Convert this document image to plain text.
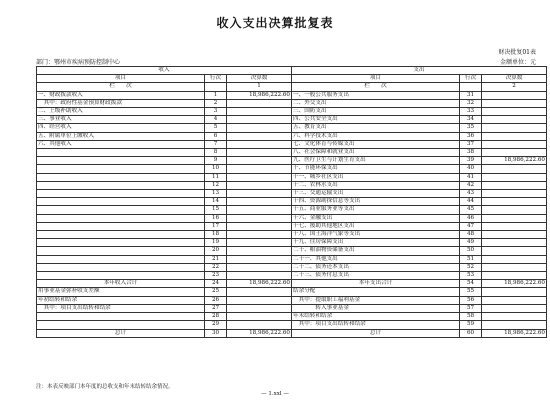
收入支出决算批复表
财决批复01表
部门：鄂州市疾病预防控制中心	金额单位：元
收入			支出		
项目	行次	决算数	项目	行次	决算数
栏　　次		1	栏　　次		2
一、财政拨款收入	1	18,986,222.60	一、一般公共服务支出	31	
　其中：政府性基金预算财政拨款	2		二、外交支出	32	
二、上级补助收入	3		三、国防支出	33	
三、事业收入	4		四、公共安全支出	34	
四、经营收入	5		五、教育支出	35	
五、附属单位上缴收入	6		六、科学技术支出	36	
六、其他收入	7		七、文化体育与传媒支出	37	
	8		八、社会保障和就业支出	38	
	9		九、医疗卫生与计划生育支出	39	18,986,222.60
	10		十、节能环保支出	40	
	11		十一、城乡社区支出	41	
	12		十二、农林水支出	42	
	13		十三、交通运输支出	43	
	14		十四、资源勘探信息等支出	44	
	15		十五、商业服务业等支出	45	
	16		十六、金融支出	46	
	17		十七、援助其他地区支出	47	
	18		十八、国土海洋气象等支出	48	
	19		十九、住房保障支出	49	
	20		二十、粮油物资储备支出	50	
	21		二十一、其他支出	51	
	22		二十二、债务还本支出	52	
	23		二十三、债务付息支出	53	
本年收入合计	24	18,986,222.60	本年支出合计	54	18,986,222.60
用事业基金弥补收支差额	25		结余分配	55	
年初结转和结余	26		　其中：提取职工福利基金	56	
　其中：项目支出结转和结余	27		　　　　转入事业基金	57	
	28		年末结转和结余	58	
	29		　其中：项目支出结转和结余	59	
总计	30	18,986,222.60	总计	60	18,986,222.60
注：本表反映部门本年度的总收支和年末结转结余情况。
— 1.xxl —
